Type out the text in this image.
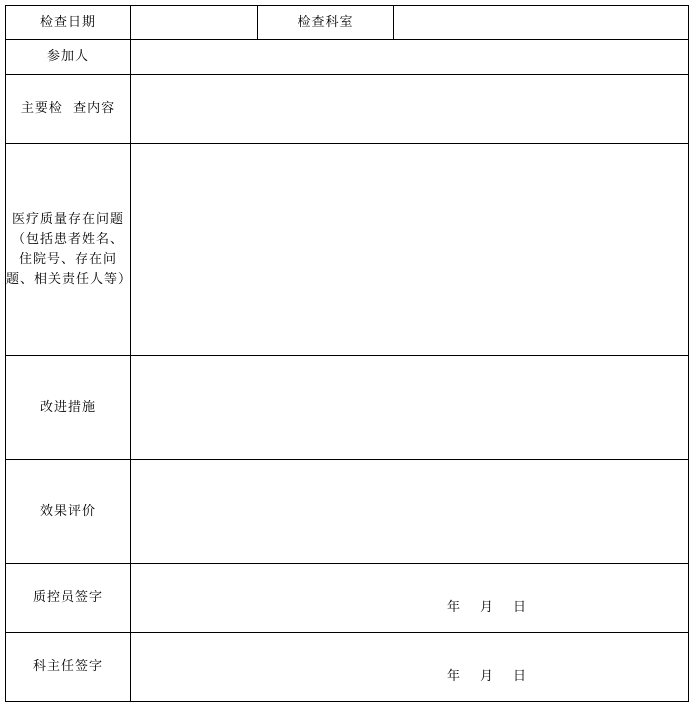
检查日期		检查科室	
参加人			
主要检  查内容			
医疗质量存在问题（包括患者姓名、住院号、存在问题、相关责任人等）			
改进措施			
效果评价			
质控员签字	年 月 日		

科主任签字	年 月 日		
